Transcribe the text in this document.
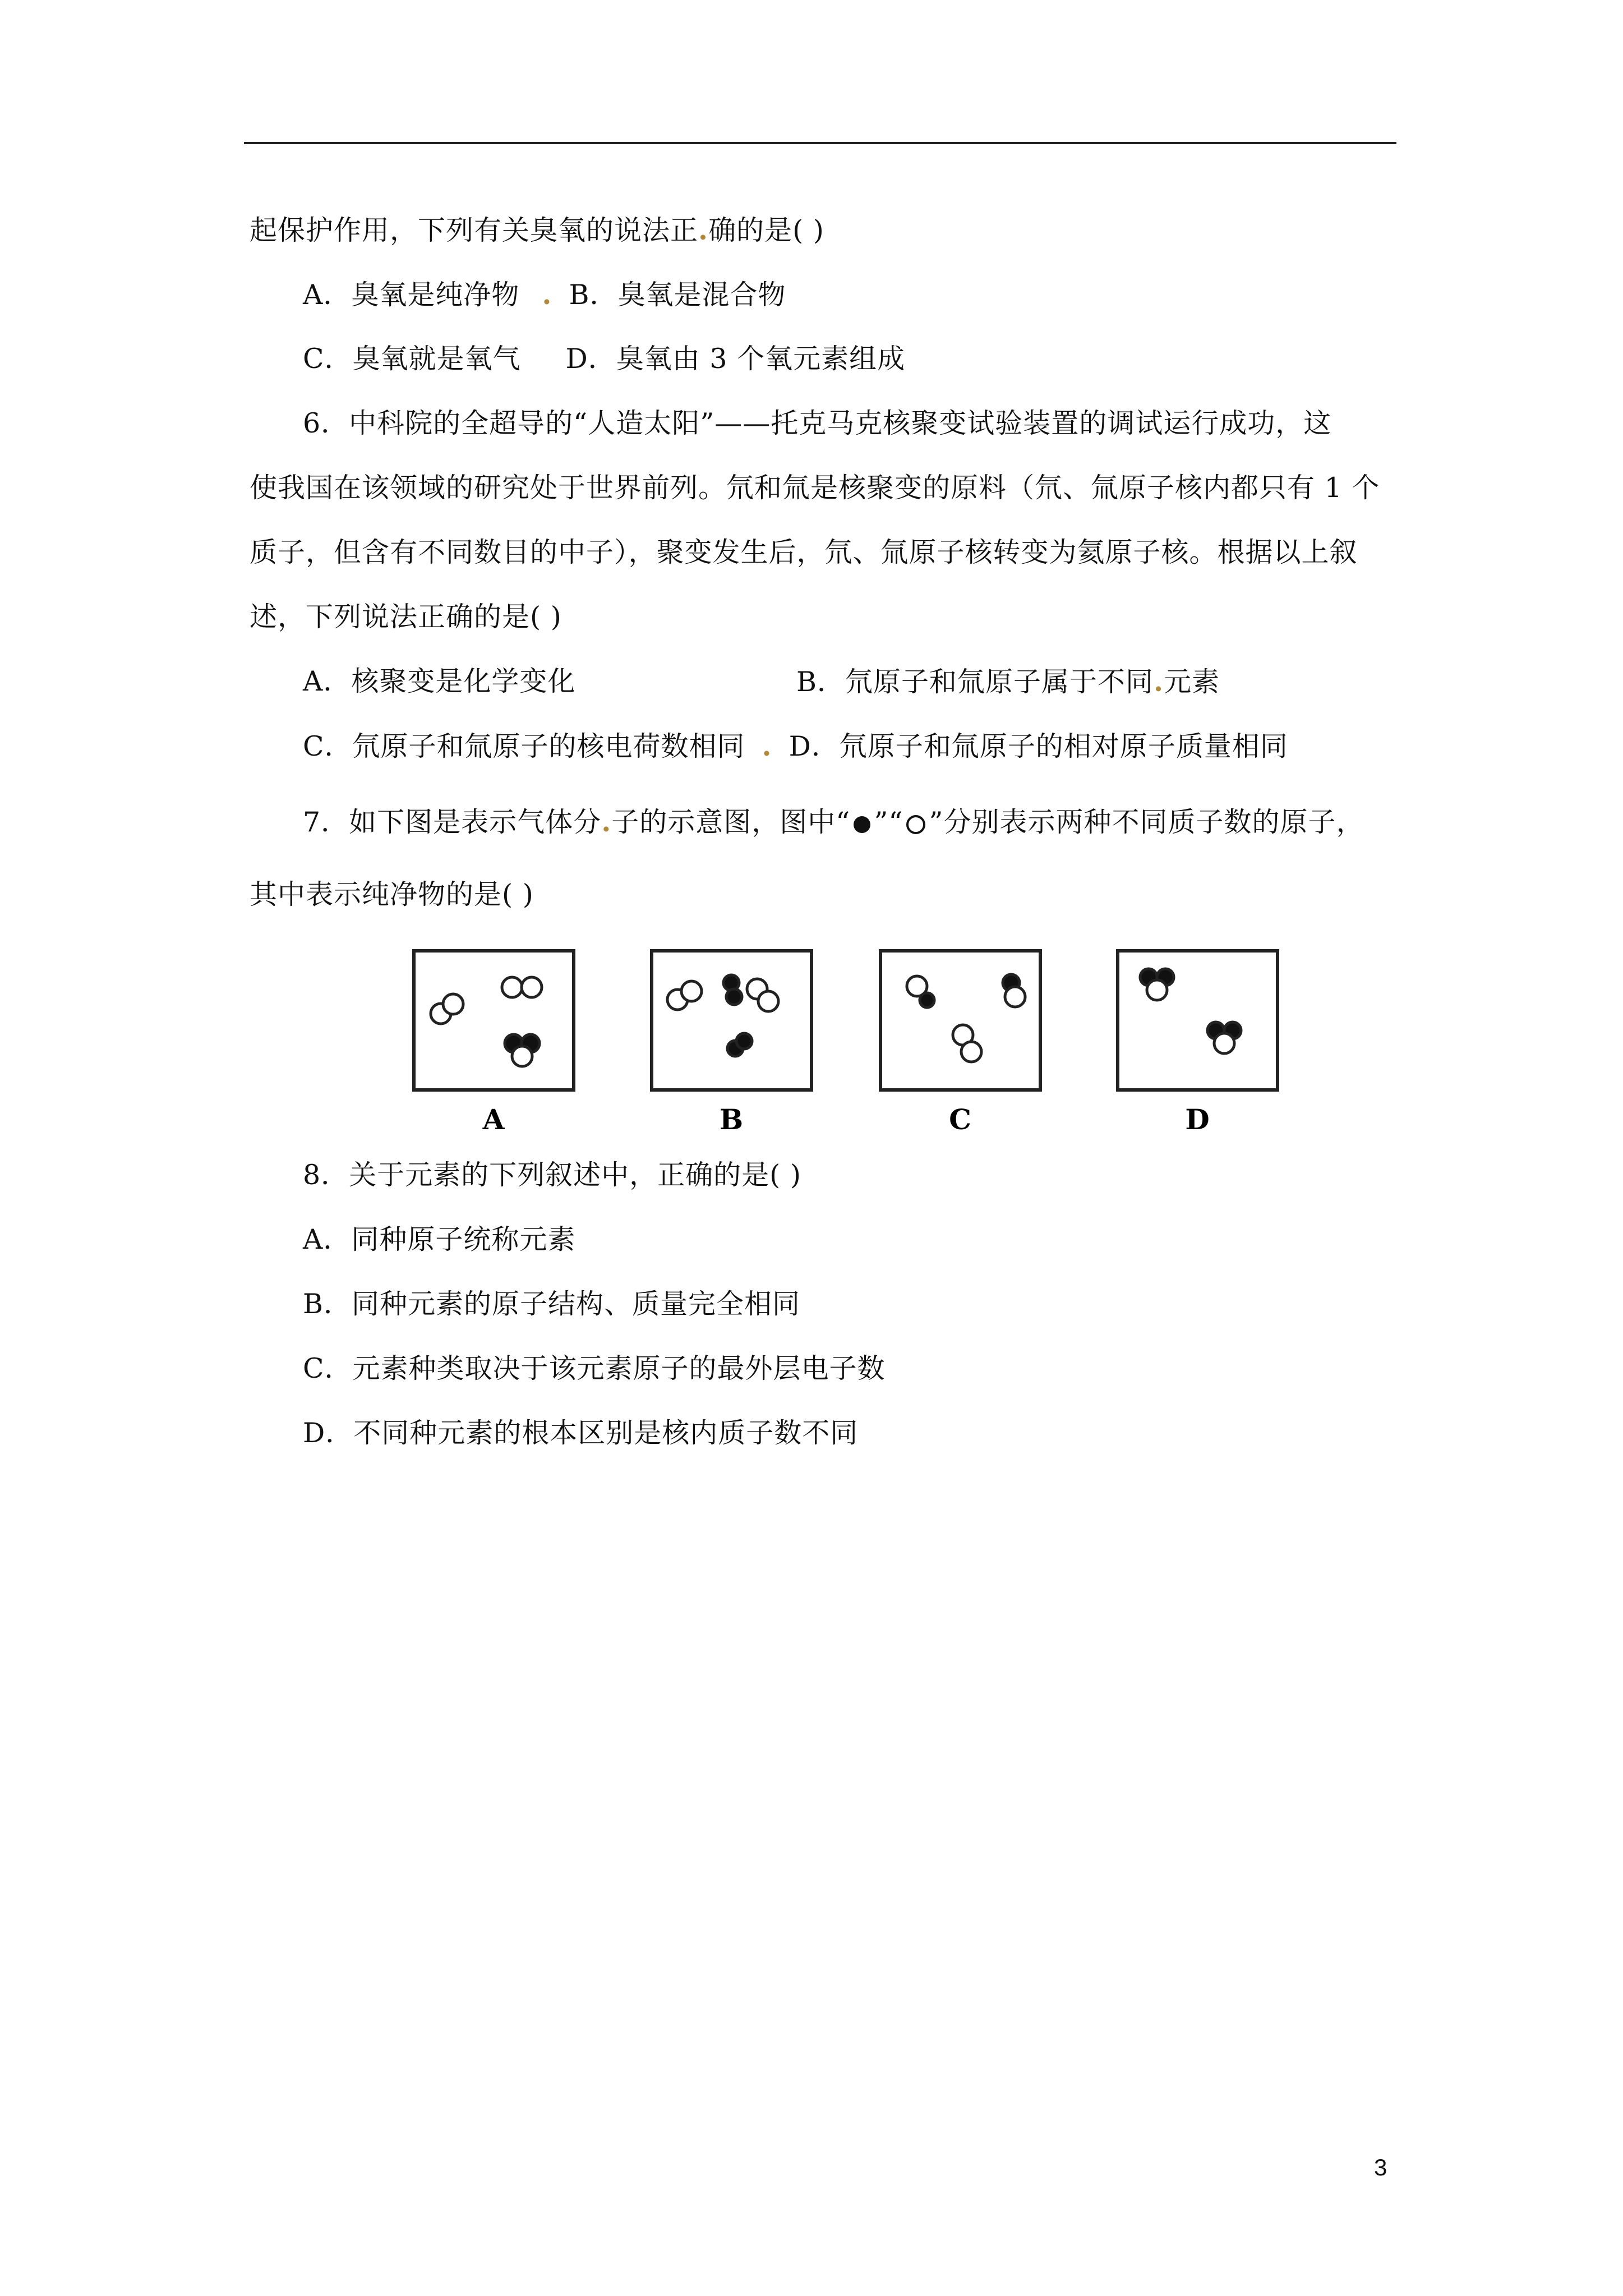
起保护作用，下列有关臭氧的说法正.确的是( )
A．臭氧是纯净物 . B．臭氧是混合物
C．臭氧就是氧气 D．臭氧由 3 个氧元素组成
6．中科院的全超导的“人造太阳”——托克马克核聚变试验装置的调试运行成功，这
使我国在该领域的研究处于世界前列。氘和氚是核聚变的原料（氘、氚原子核内都只有 1 个
质子，但含有不同数目的中子），聚变发生后，氘、氚原子核转变为氦原子核。根据以上叙
述，下列说法正确的是( )
A．核聚变是化学变化	B．氘原子和氚原子属于不同.元素
C．氘原子和氚原子的核电荷数相同 . D．氘原子和氚原子的相对原子质量相同
7．如下图是表示气体分.子的示意图，图中“ ”“ ”分别表示两种不同质子数的原子，
其中表示纯净物的是( )
A	B	C	D
8．关于元素的下列叙述中，正确的是( )
A．同种原子统称元素
B．同种元素的原子结构、质量完全相同
C．元素种类取决于该元素原子的最外层电子数
D．不同种元素的根本区别是核内质子数不同
3
